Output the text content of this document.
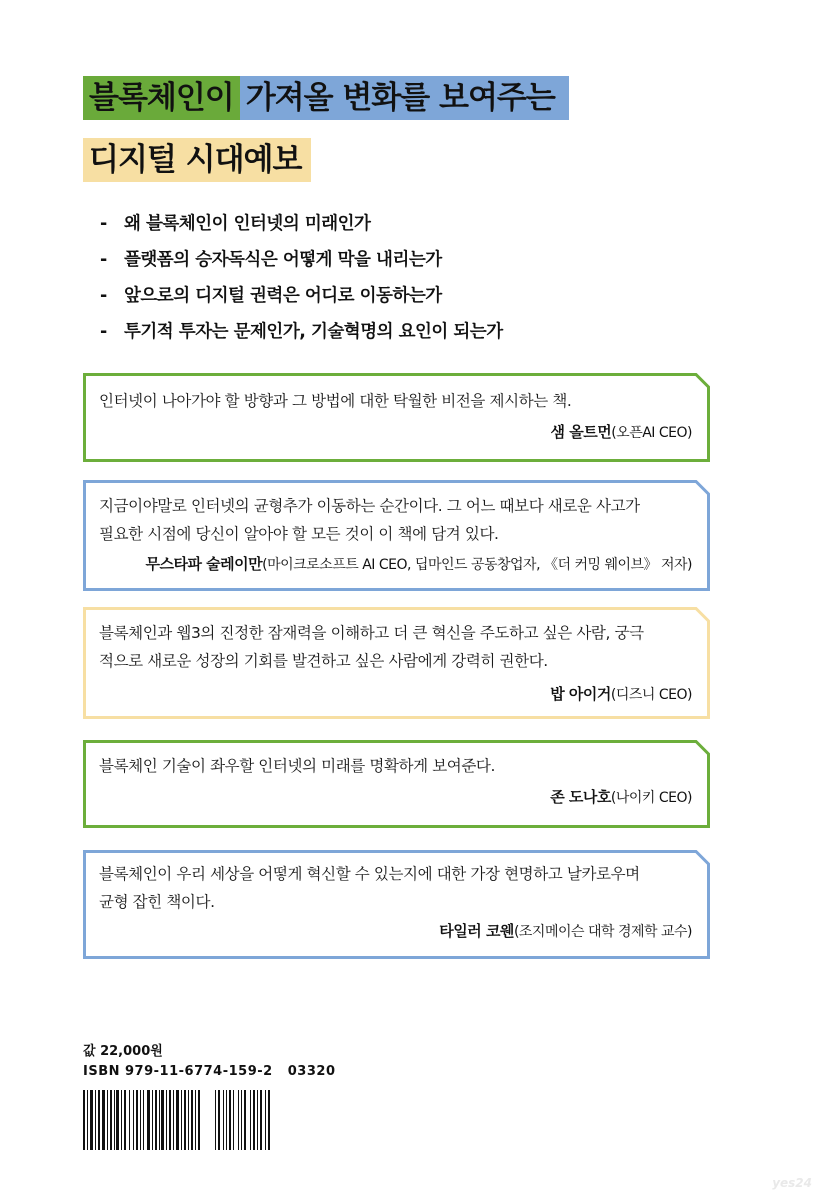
블록체인이 가져올 변화를 보여주는
디지털 시대예보
- 왜 블록체인이 인터넷의 미래인가
- 플랫폼의 승자독식은 어떻게 막을 내리는가
- 앞으로의 디지털 권력은 어디로 이동하는가
- 투기적 투자는 문제인가, 기술혁명의 요인이 되는가
인터넷이 나아가야 할 방향과 그 방법에 대한 탁월한 비전을 제시하는 책.
샘 올트먼(오픈AI CEO)
지금이야말로 인터넷의 균형추가 이동하는 순간이다. 그 어느 때보다 새로운 사고가
필요한 시점에 당신이 알아야 할 모든 것이 이 책에 담겨 있다.
무스타파 술레이만(마이크로소프트 AI CEO, 딥마인드 공동창업자, 《더 커밍 웨이브》 저자)
블록체인과 웹3의 진정한 잠재력을 이해하고 더 큰 혁신을 주도하고 싶은 사람, 궁극
적으로 새로운 성장의 기회를 발견하고 싶은 사람에게 강력히 권한다.
밥 아이거(디즈니 CEO)
블록체인 기술이 좌우할 인터넷의 미래를 명확하게 보여준다.
존 도나호(나이키 CEO)
블록체인이 우리 세상을 어떻게 혁신할 수 있는지에 대한 가장 현명하고 날카로우며
균형 잡힌 책이다.
타일러 코웬(조지메이슨 대학 경제학 교수)
값 22,000원
ISBN 979-11-6774-159-2   03320
yes24
